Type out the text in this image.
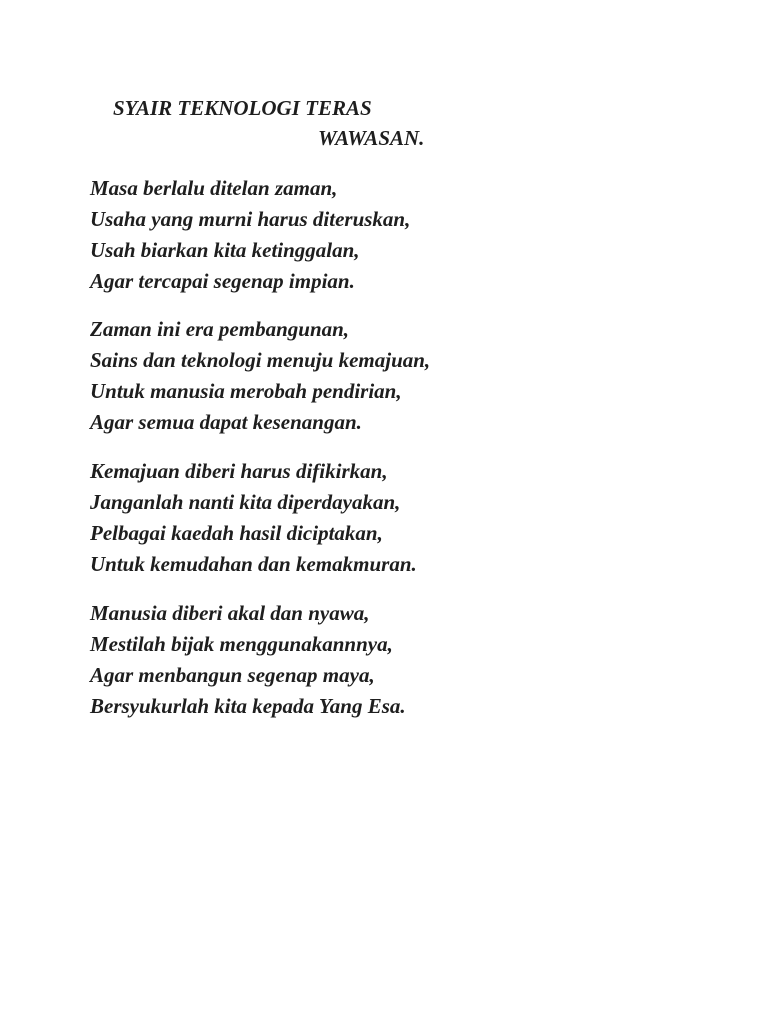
SYAIR TEKNOLOGI TERAS
WAWASAN.
Masa berlalu ditelan zaman,
Usaha yang murni harus diteruskan,
Usah biarkan kita ketinggalan,
Agar tercapai segenap impian.
Zaman ini era pembangunan,
Sains dan teknologi menuju kemajuan,
Untuk manusia merobah pendirian,
Agar semua dapat kesenangan.
Kemajuan diberi harus difikirkan,
Janganlah nanti kita diperdayakan,
Pelbagai kaedah hasil diciptakan,
Untuk kemudahan dan kemakmuran.
Manusia diberi akal dan nyawa,
Mestilah bijak menggunakannnya,
Agar menbangun segenap maya,
Bersyukurlah kita kepada Yang Esa.
